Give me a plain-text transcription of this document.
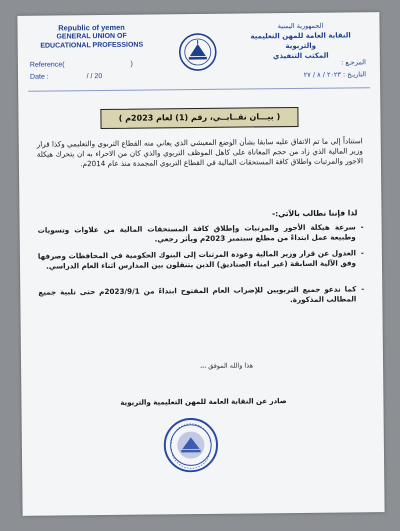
Republic of yemen
GENERAL UNION OF EDUCATIONAL PROFESSIONS
Reference(	)
Date :	/ / 20
الجمهورية اليمنية
النقابة العامة للمهن التعليمية والتربوية
المكتب التنفيذي
المرجـع :
التاريـخ : ٢٠٢٣ / ٨ / ٢٧
( بيـــان نقــابــي، رقم (1) لعام 2023م )
استناداً إلى ما تم الاتفاق عليه سابقا بشأن الوضع المعيشي الذي يعاني منه القطاع التربوي والتعليمي وكذا قرار وزير المالية الذي زاد من حجم المعاناة على كاهل الموظف التربوي والذي كان من الاحراء به ان يتحرك هيكلة الاجور والمرتبات واطلاق كافة المستحقات المالية في القطاع التربوي المجمدة منذ عام 2014م.
لذا فإننا نطالب بالآتي:-
-
سرعة هيكلة الأجور والمرتبات وإطلاق كافة المستحقات المالية من علاوات وتسويات وطبيعة عمل ابتداءً من مطلع سبتمبر 2023م ويأثر رجعي.
-
العدول عن قرار وزير المالية وعودة المرتبات إلى البنوك الحكومية في المحافظات وصرفها وفق الآلية السابقة (عبر امناء الصناديق) الذين يتنقلون بين المدارس اثناء العام الدراسي.
-
كما ندعو جميع التربويين للإضراب العام المفتوح ابتداءً من 2023/9/1م حتى تلبية جميع المطالب المذكورة.
هذا والله الموفق ،،،
صادر عن النقابة العامة للمهن التعليمية والتربوية
